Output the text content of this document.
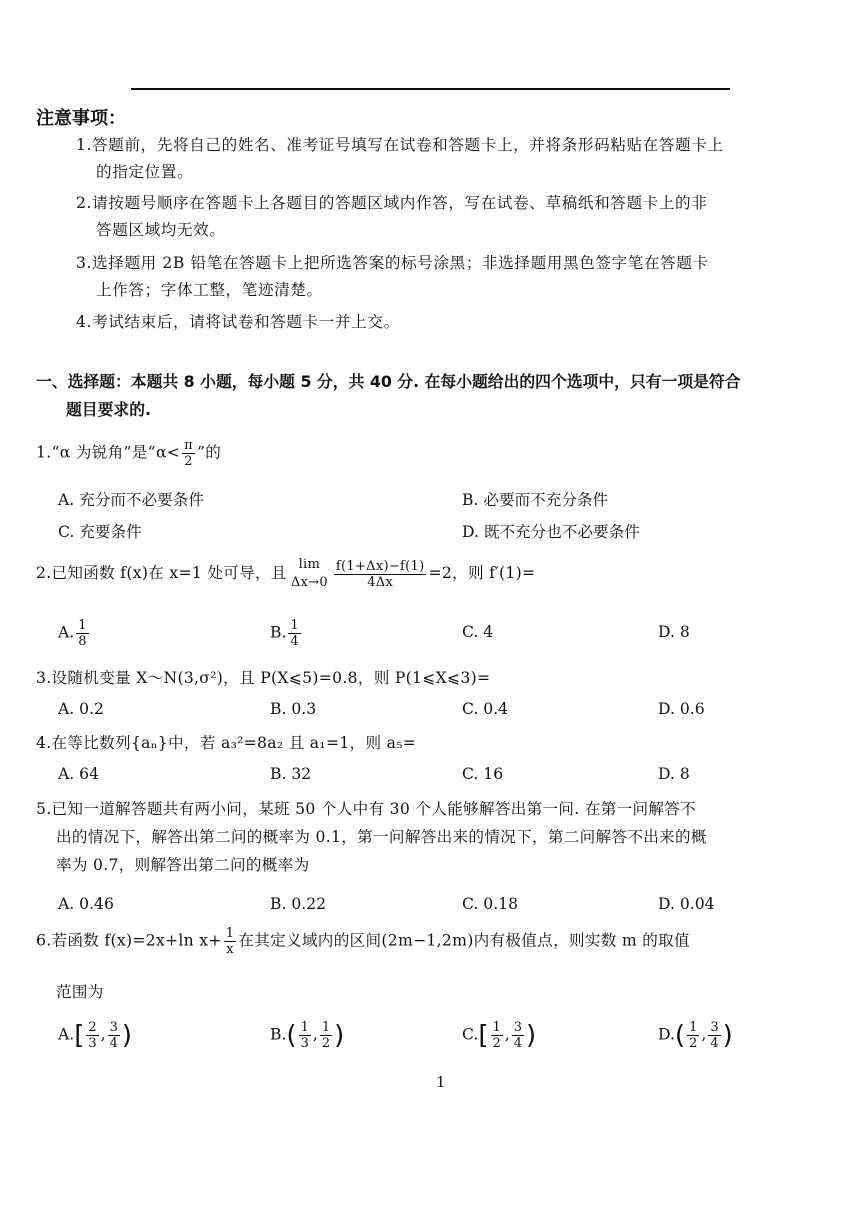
注意事项：
1.答题前，先将自己的姓名、准考证号填写在试卷和答题卡上，并将条形码粘贴在答题卡上
的指定位置。
2.请按题号顺序在答题卡上各题目的答题区域内作答，写在试卷、草稿纸和答题卡上的非
答题区域均无效。
3.选择题用 2B 铅笔在答题卡上把所选答案的标号涂黑；非选择题用黑色签字笔在答题卡
上作答；字体工整，笔迹清楚。
4.考试结束后，请将试卷和答题卡一并上交。
一、选择题：本题共 8 小题，每小题 5 分，共 40 分. 在每小题给出的四个选项中，只有一项是符合
题目要求的.
1.“α 为锐角”是“$\alpha< \frac{\pi}{2}$ ”的
A. 充分而不必要条件	B. 必要而不充分条件
C. 充要条件	D. 既不充分也不必要条件
2.已知函数 f(x)在 x=1 处可导，且 lim
$\Delta x\to 0 \frac{f(1+\Delta x)-f(1)}{4\Delta x} =2$，则 f′(1)=
A. $\frac{1}{8}$	B. $\frac{1}{4}$	C. 4	D. 8
3.设随机变量 X～N(3,σ²)，且 P(X⩽5)=0.8，则 P(1⩽X⩽3)=
A. 0.2	B. 0.3	C. 0.4	D. 0.6
4.在等比数列{aₙ}中，若 a₃²=8a₂ 且 a₁=1，则 a₅=
A. 64	B. 32	C. 16	D. 8
5.已知一道解答题共有两小问，某班 50 个人中有 30 个人能够解答出第一问. 在第一问解答不
出的情况下，解答出第二问的概率为 0.1，第一问解答出来的情况下，第二问解答不出来的概
率为 0.7，则解答出第二问的概率为
A. 0.46	B. 0.22	C. 0.18	D. 0.04
6.若函数 f(x)=2x+ln $x+ \frac{1}{x}$ 在其定义域内的区间(2m−1,2m)内有极值点，则实数 m 的取值
范围为
$A.[ \frac{2}{3}$ , $\frac{3}{4}$ )	$B.( \frac{1}{3}$ , $\frac{1}{2}$ )	$C.[ \frac{1}{2}$ , $\frac{3}{4}$ )	$D.( \frac{1}{2}$ , $\frac{3}{4}$ )
1
